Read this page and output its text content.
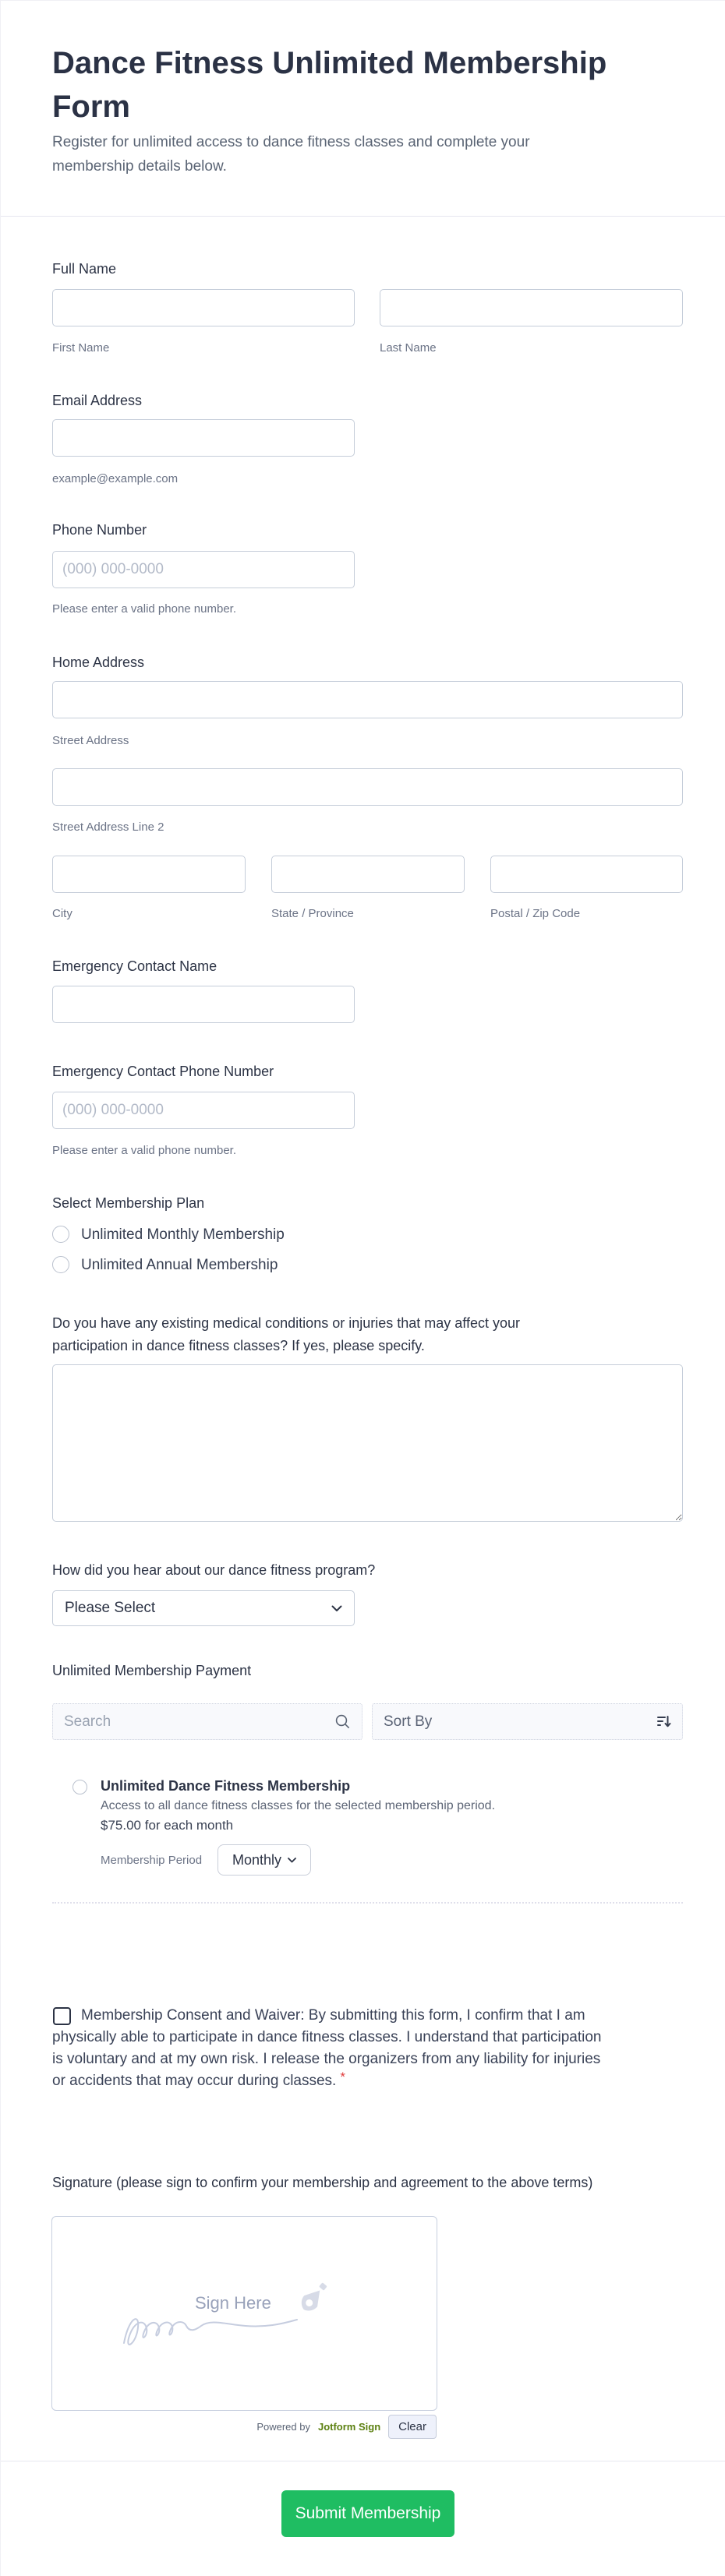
Dance Fitness Unlimited Membership Form
Register for unlimited access to dance fitness classes and complete your membership details below.
Full Name
First Name	Last Name
Email Address
example@example.com
Phone Number
(000) 000-0000
Please enter a valid phone number.
Home Address
Street Address
Street Address Line 2
City	State / Province	Postal / Zip Code
Emergency Contact Name
Emergency Contact Phone Number
(000) 000-0000
Please enter a valid phone number.
Select Membership Plan
Unlimited Monthly Membership
Unlimited Annual Membership
Do you have any existing medical conditions or injuries that may affect your participation in dance fitness classes? If yes, please specify.
How did you hear about our dance fitness program?
Please Select
Unlimited Membership Payment
Search
Sort By
Unlimited Dance Fitness Membership
Access to all dance fitness classes for the selected membership period.
$75.00 for each month
Membership Period Monthly

Membership Consent and Waiver: By submitting this form, I confirm that I am physically able to participate in dance fitness classes. I understand that participation is voluntary and at my own risk. I release the organizers from any liability for injuries or accidents that may occur during classes. *

Signature (please sign to confirm your membership and agreement to the above terms)
Sign Here
Powered by Jotform Sign	Clear
Submit Membership
